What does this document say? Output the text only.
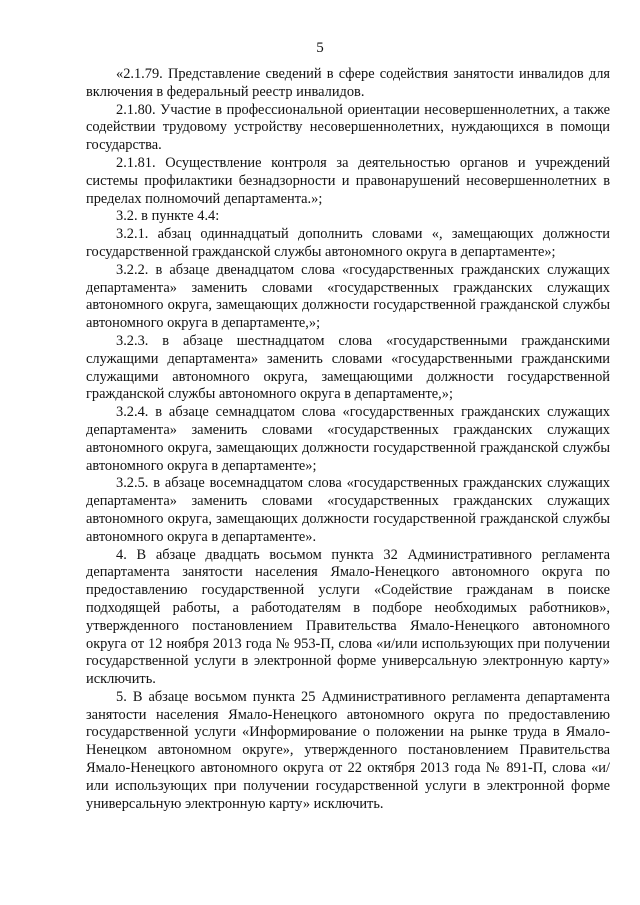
5

«2.1.79. Представление сведений в сфере содействия занятости инвалидов для включения в федеральный реестр инвалидов.

2.1.80. Участие в профессиональной ориентации несовершеннолетних, а также содействии трудовому устройству несовершеннолетних, нуждающихся в помощи государства.

2.1.81. Осуществление контроля за деятельностью органов и учреждений системы профилактики безнадзорности и правонарушений несовершеннолетних в пределах полномочий департамента.»;

3.2. в пункте 4.4:

3.2.1. абзац одиннадцатый дополнить словами «, замещающих должности государственной гражданской службы автономного округа в департаменте»;

3.2.2. в абзаце двенадцатом слова «государственных гражданских служащих департамента» заменить словами «государственных гражданских служащих автономного округа, замещающих должности государственной гражданской службы автономного округа в департаменте,»;

3.2.3. в абзаце шестнадцатом слова «государственными гражданскими служащими департамента» заменить словами «государственными гражданскими служащими автономного округа, замещающими должности государственной гражданской службы автономного округа в департаменте,»;

3.2.4. в абзаце семнадцатом слова «государственных гражданских служащих департамента» заменить словами «государственных гражданских служащих автономного округа, замещающих должности государственной гражданской службы автономного округа в департаменте»;

3.2.5. в абзаце восемнадцатом слова «государственных гражданских служащих департамента» заменить словами «государственных гражданских служащих автономного округа, замещающих должности государственной гражданской службы автономного округа в департаменте».

4. В абзаце двадцать восьмом пункта 32 Административного регламента департамента занятости населения Ямало-Ненецкого автономного округа по предоставлению государственной услуги «Содействие гражданам в поиске подходящей работы, а работодателям в подборе необходимых работников», утвержденного постановлением Правительства Ямало-Ненецкого автономного округа от 12 ноября 2013 года № 953-П, слова «и/или использующих при получении государственной услуги в электронной форме универсальную электронную карту» исключить.

5. В абзаце восьмом пункта 25 Административного регламента департамента занятости населения Ямало-Ненецкого автономного округа по предоставлению государственной услуги «Информирование о положении на рынке труда в Ямало-Ненецком автономном округе», утвержденного постановлением Правительства Ямало-Ненецкого автономного округа от 22 октября 2013 года № 891-П, слова «и/или использующих при получении государственной услуги в электронной форме универсальную электронную карту» исключить.
